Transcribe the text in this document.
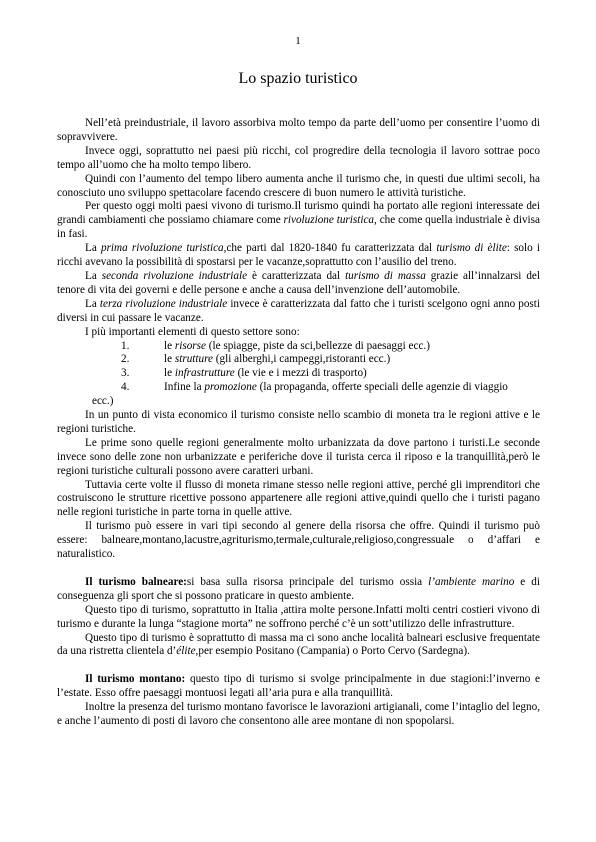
1
Lo spazio turistico

Nell’età preindustriale, il lavoro assorbiva molto tempo da parte dell’uomo per consentire l’uomo di sopravvivere.

Invece oggi, soprattutto nei paesi più ricchi, col progredire della tecnologia il lavoro sottrae poco tempo all’uomo che ha molto tempo libero.

Quindi con l’aumento del tempo libero aumenta anche il turismo che, in questi due ultimi secoli, ha conosciuto uno sviluppo spettacolare facendo crescere di buon numero le attività turistiche.

Per questo oggi molti paesi vivono di turismo.Il turismo quindi ha portato alle regioni interessate dei grandi cambiamenti che possiamo chiamare come rivoluzione turistica, che come quella industriale è divisa in fasi.

La prima rivoluzione turistica,che parti dal 1820-1840 fu caratterizzata dal turismo di èlite: solo i ricchi avevano la possibilità di spostarsi per le vacanze,soprattutto con l’ausilio del treno.

La seconda rivoluzione industriale è caratterizzata dal turismo di massa grazie all’innalzarsi del tenore di vita dei governi e delle persone e anche a causa dell’invenzione dell’automobile.

La terza rivoluzione industriale invece è caratterizzata dal fatto che i turisti scelgono ogni anno posti diversi in cui passare le vacanze.

I più importanti elementi di questo settore sono:

1.	le risorse (le spiagge, piste da sci,bellezze di paesaggi ecc.)
2.	le strutture (gli alberghi,i campeggi,ristoranti ecc.)
3.	le infrastrutture (le vie e i mezzi di trasporto)
4.	Infine la promozione (la propaganda, offerte speciali delle agenzie di viaggio
ecc.)

In un punto di vista economico il turismo consiste nello scambio di moneta tra le regioni attive e le regioni turistiche.

Le prime sono quelle regioni generalmente molto urbanizzata da dove partono i turisti.Le seconde invece sono delle zone non urbanizzate e periferiche dove il turista cerca il riposo e la tranquillità,però le regioni turistiche culturali possono avere caratteri urbani.

Tuttavia certe volte il flusso di moneta rimane stesso nelle regioni attive, perché gli imprenditori che costruiscono le strutture ricettive possono appartenere alle regioni attive,quindi quello che i turisti pagano nelle regioni turistiche in parte torna in quelle attive.

Il turismo può essere in vari tipi secondo al genere della risorsa che offre. Quindi il turismo può essere: balneare,montano,lacustre,agriturismo,termale,culturale,religioso,congressuale o d’affari e naturalistico.

Il turismo balneare:si basa sulla risorsa principale del turismo ossia l’ambiente marino e di conseguenza gli sport che si possono praticare in questo ambiente.

Questo tipo di turismo, soprattutto in Italia ,attira molte persone.Infatti molti centri costieri vivono di turismo e durante la lunga “stagione morta” ne soffrono perché c’è un sott’utilizzo delle infrastrutture.

Questo tipo di turismo è soprattutto di massa ma ci sono anche località balneari esclusive frequentate da una ristretta clientela d’élite,per esempio Positano (Campania) o Porto Cervo (Sardegna).

Il turismo montano: questo tipo di turismo si svolge principalmente in due stagioni:l’inverno e l’estate. Esso offre paesaggi montuosi legati all’aria pura e alla tranquillità.

Inoltre la presenza del turismo montano favorisce le lavorazioni artigianali, come l’intaglio del legno, e anche l’aumento di posti di lavoro che consentono alle aree montane di non spopolarsi.
